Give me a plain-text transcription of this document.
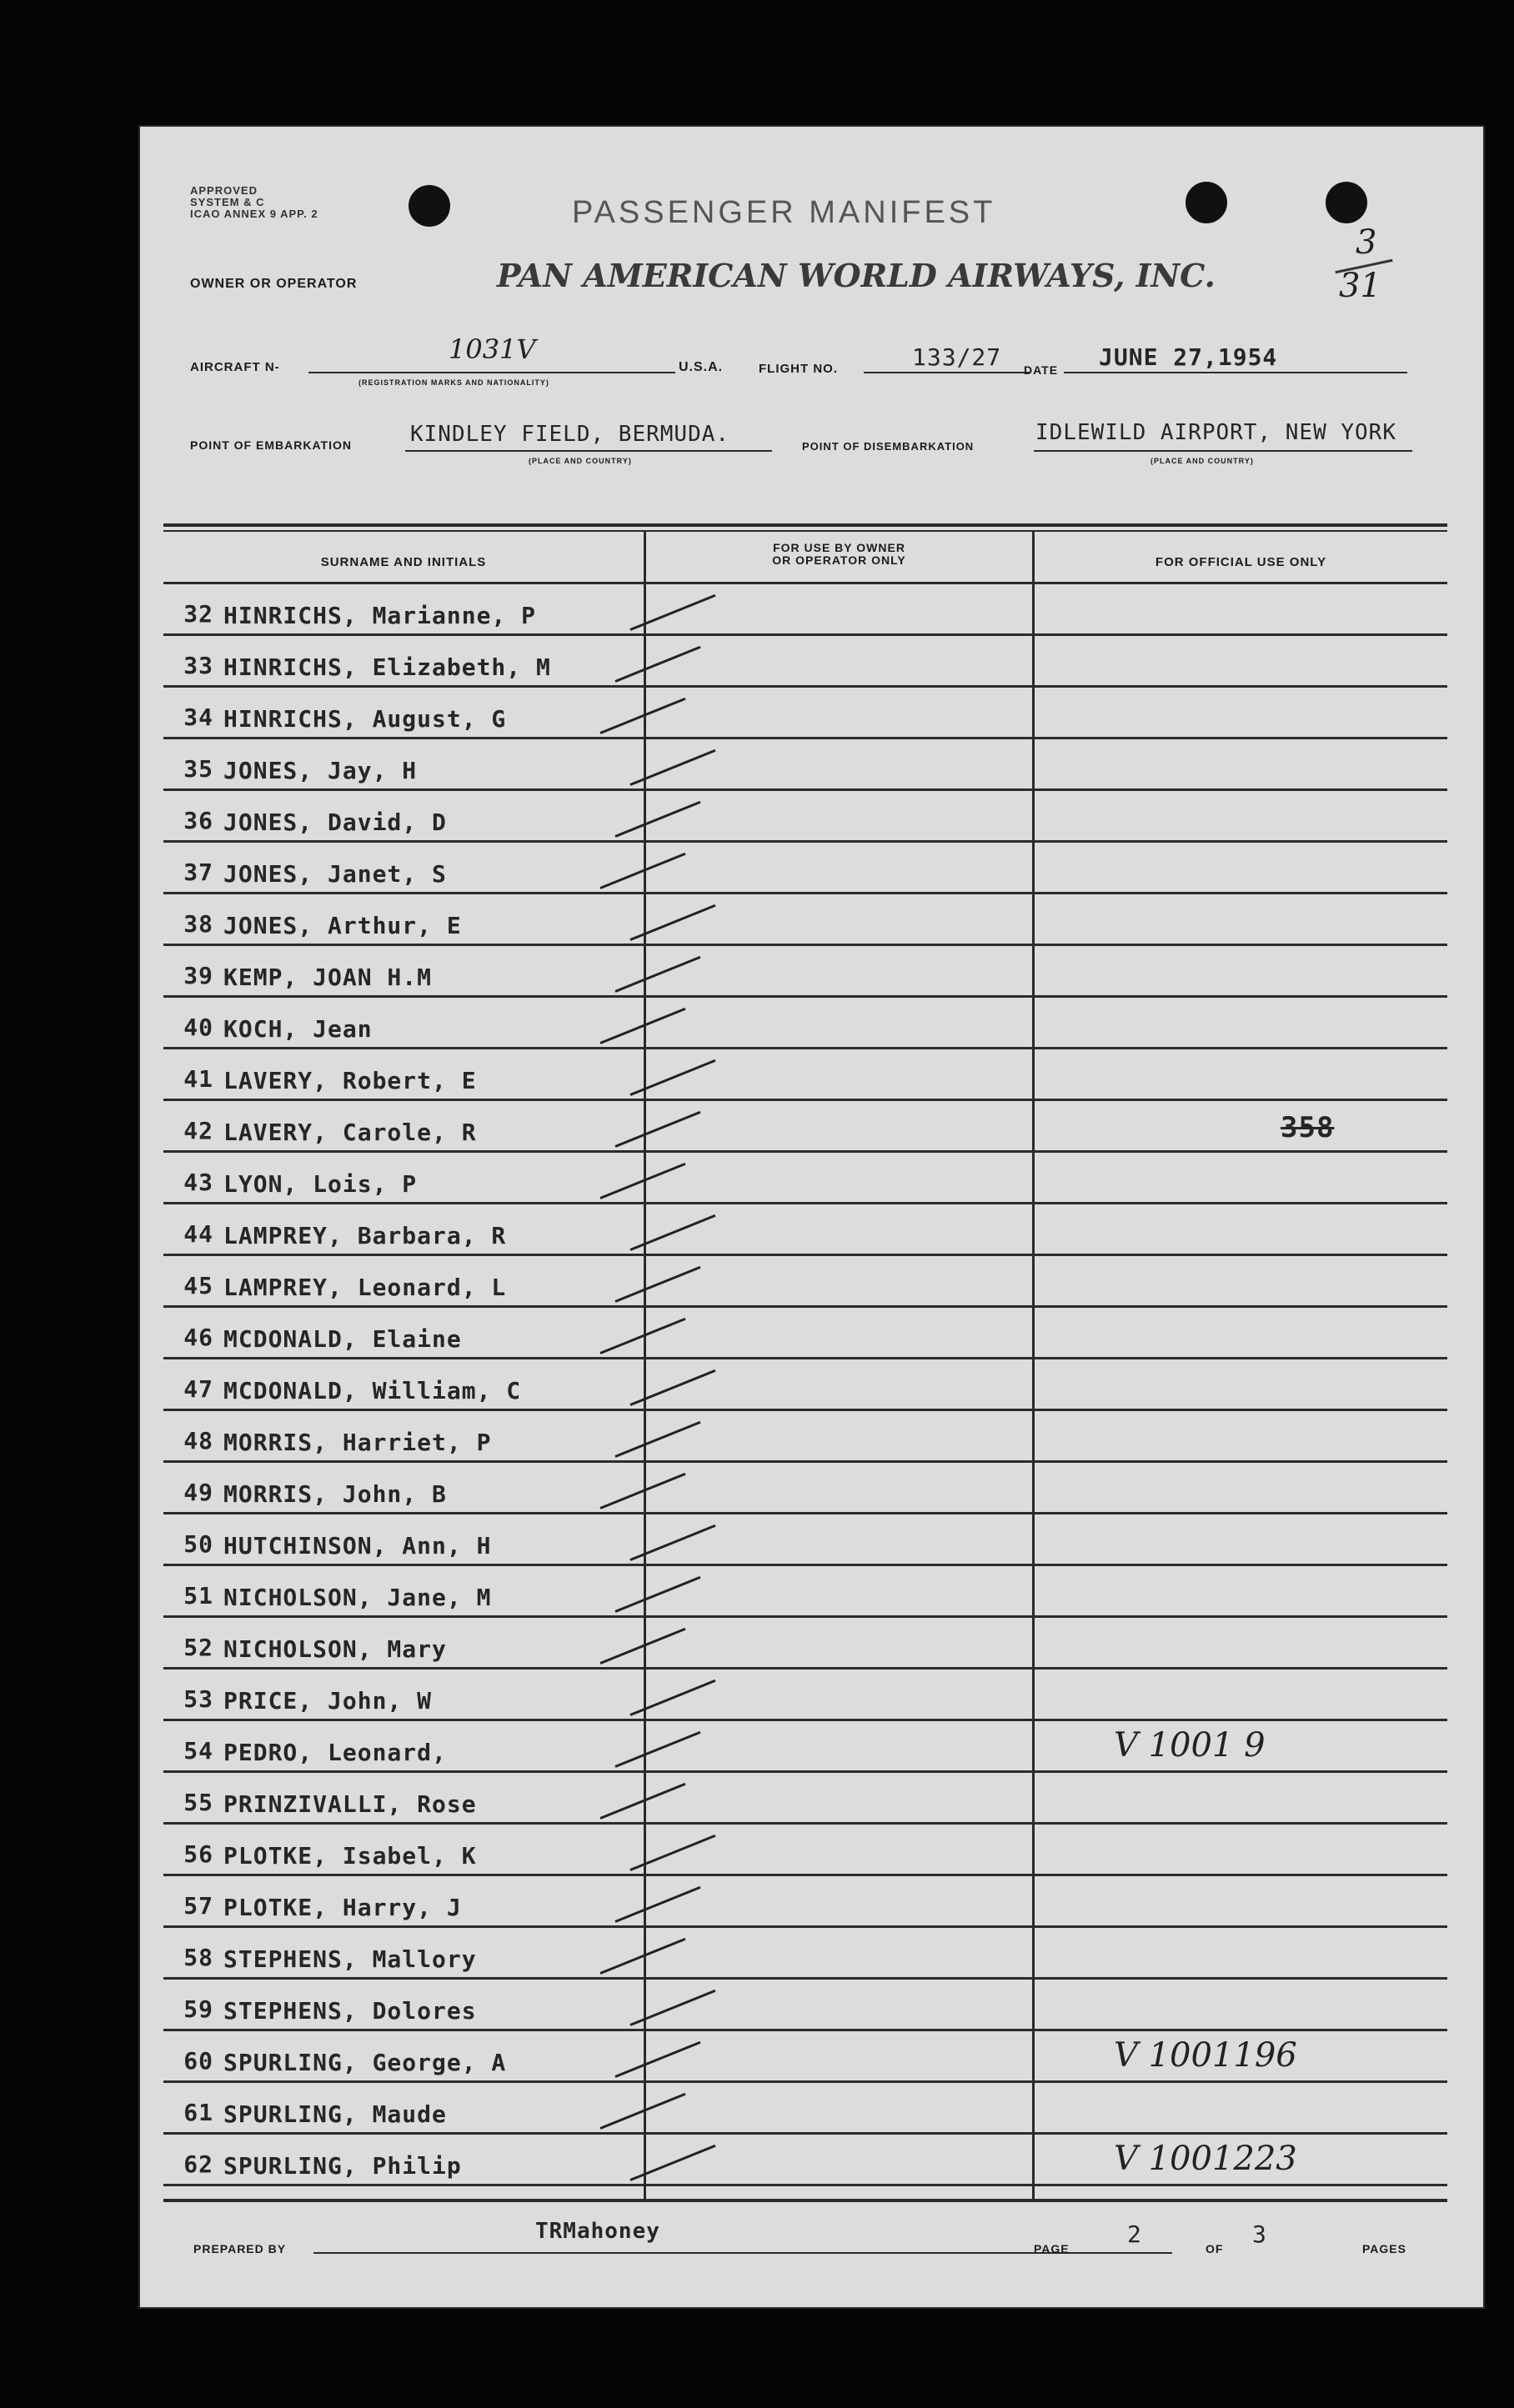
APPROVED
SYSTEM & C
ICAO ANNEX 9 APP. 2	PASSENGER MANIFEST
3
31
OWNER OR OPERATOR	PAN AMERICAN WORLD AIRWAYS, INC.
AIRCRAFT N-
1031V
(REGISTRATION MARKS AND NATIONALITY)
U.S.A.	FLIGHT NO.	133/27 DATE JUNE 27,1954
POINT OF EMBARKATION	KINDLEY FIELD, BERMUDA.
(PLACE AND COUNTRY)
POINT OF DISEMBARKATION
IDLEWILD AIRPORT, NEW YORK
(PLACE AND COUNTRY)
SURNAME AND INITIALS
FOR USE BY OWNER
OR OPERATOR ONLY	FOR OFFICIAL USE ONLY
32 HINRICHS, Marianne, P
33 HINRICHS, Elizabeth, M
34 HINRICHS, August, G
35 JONES, Jay, H
36 JONES, David, D
37 JONES, Janet, S
38 JONES, Arthur, E
39 KEMP, JOAN H.M
40 KOCH, Jean
41 LAVERY, Robert, E
42 LAVERY, Carole, R	358
43 LYON, Lois, P
44 LAMPREY, Barbara, R
45 LAMPREY, Leonard, L
46 MCDONALD, Elaine
47 MCDONALD, William, C
48 MORRIS, Harriet, P
49 MORRIS, John, B
50 HUTCHINSON, Ann, H
51 NICHOLSON, Jane, M
52 NICHOLSON, Mary
53 PRICE, John, W
54 PEDRO, Leonard,	V 1001 9
55 PRINZIVALLI, Rose
56 PLOTKE, Isabel, K
57 PLOTKE, Harry, J
58 STEPHENS, Mallory
59 STEPHENS, Dolores
60 SPURLING, George, A	V 1001196
61 SPURLING, Maude
62 SPURLING, Philip	V 1001223
PREPARED BY
TRMahoney
PAGE
2
OF
3
PAGES
